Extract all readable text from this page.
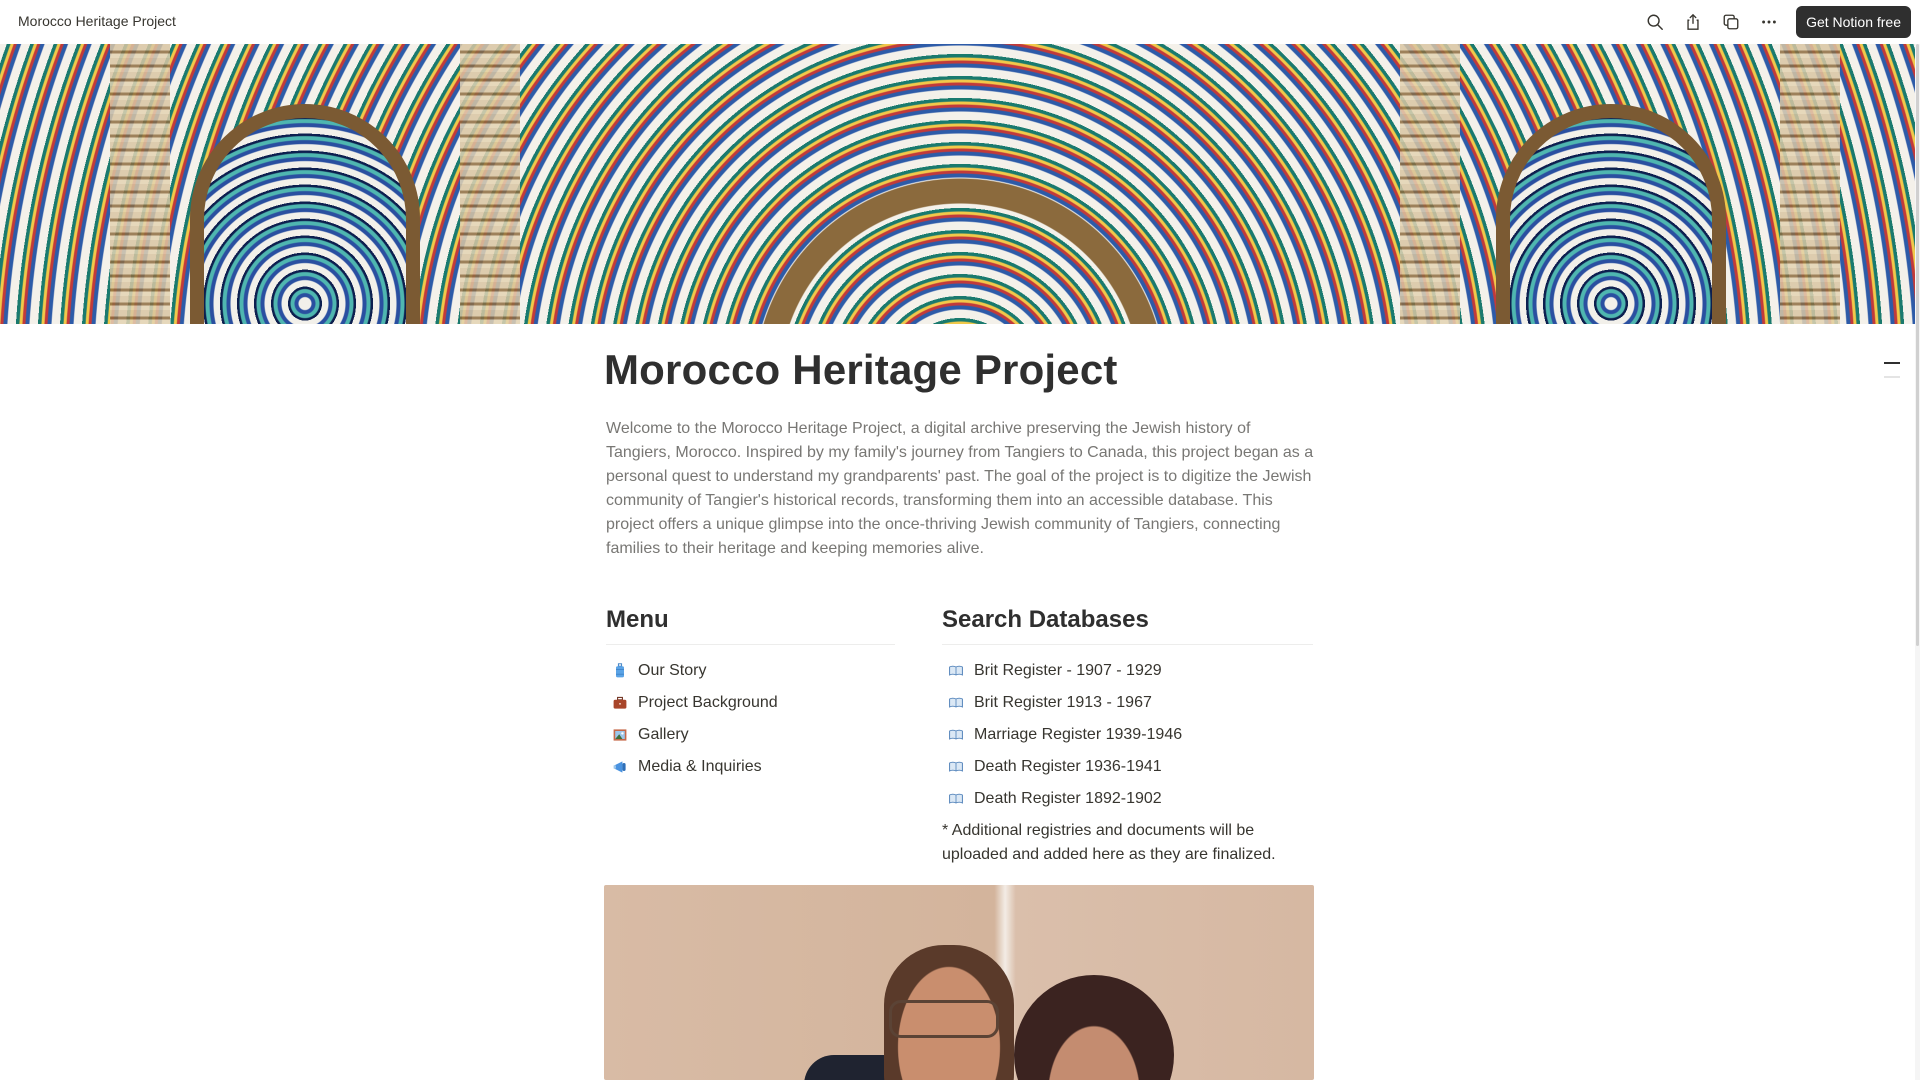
Morocco Heritage Project	Get Notion free
Morocco Heritage Project

Welcome to the Morocco Heritage Project, a digital archive preserving the Jewish history of Tangiers, Morocco. Inspired by my family's journey from Tangiers to Canada, this project began as a personal quest to understand my grandparents' past. The goal of the project is to digitize the Jewish community of Tangier's historical records, transforming them into an accessible database. This project offers a unique glimpse into the once-thriving Jewish community of Tangiers, connecting families to their heritage and keeping memories alive.

Menu
Our Story
Project Background
Gallery
Media & Inquiries
Search Databases
Brit Register - 1907 - 1929
Brit Register 1913 - 1967
Marriage Register 1939-1946
Death Register 1936-1941
Death Register 1892-1902

* Additional registries and documents will be uploaded and added here as they are finalized.
